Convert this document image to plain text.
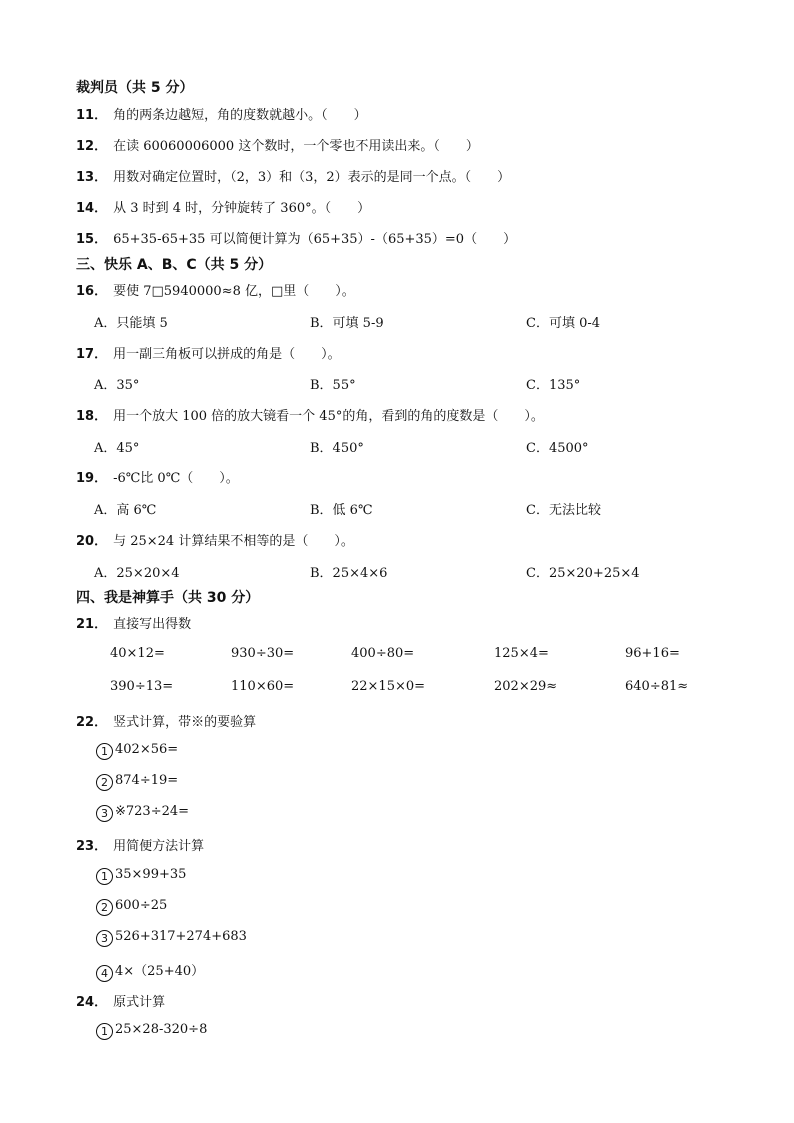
裁判员（共 5 分）
11． 角的两条边越短，角的度数就越小。（　　）
12． 在读 60060006000 这个数时，一个零也不用读出来。（　　）
13． 用数对确定位置时，（2，3）和（3，2）表示的是同一个点。（　　）
14． 从 3 时到 4 时，分钟旋转了 360°。（　　）
15． 65+35-65+35 可以简便计算为（65+35）-（65+35）=0（　　）
三、快乐 A、B、C（共 5 分）
16． 要使 7□5940000≈8 亿，□里（　　）。
A．只能填 5	B．可填 5-9	C．可填 0-4
17． 用一副三角板可以拼成的角是（　　）。
A．35°	B．55°	C．135°
18． 用一个放大 100 倍的放大镜看一个 45°的角，看到的角的度数是（　　）。
A．45°	B．450°	C．4500°
19． -6℃比 0℃（　　）。
A．高 6℃	B．低 6℃	C．无法比较
20． 与 25×24 计算结果不相等的是（　　）。
A．25×20×4	B．25×4×6	C．25×20+25×4
四、我是神算手（共 30 分）
21． 直接写出得数
40×12=	930÷30=	400÷80=	125×4=	96+16=
390÷13=	110×60=	22×15×0=	202×29≈	640÷81≈
22． 竖式计算，带※的要验算
1 402×56=
2 874÷19=
3 ※723÷24=
23． 用简便方法计算
1 35×99+35
2 600÷25
3 526+317+274+683
4 4×（25+40）
24． 原式计算
1 25×28-320÷8
